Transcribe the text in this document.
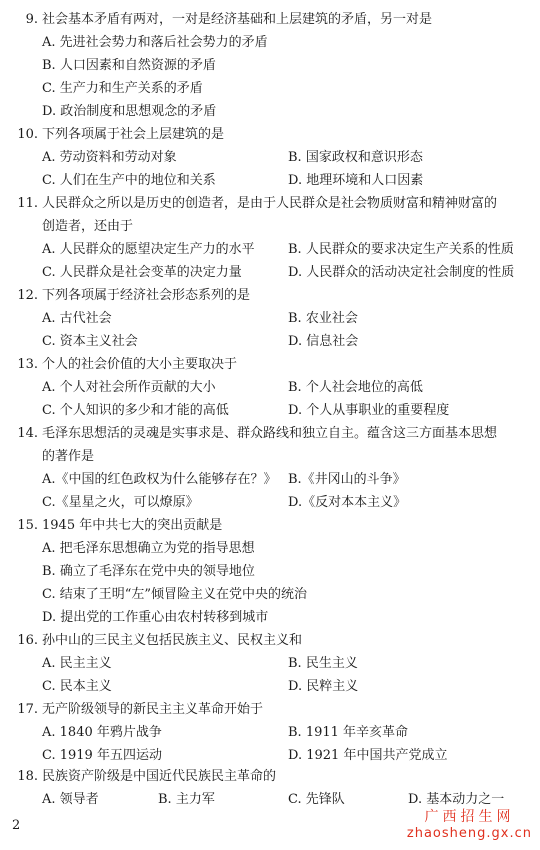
9. 社会基本矛盾有两对，一对是经济基础和上层建筑的矛盾，另一对是
A. 先进社会势力和落后社会势力的矛盾
B. 人口因素和自然资源的矛盾
C. 生产力和生产关系的矛盾
D. 政治制度和思想观念的矛盾
10. 下列各项属于社会上层建筑的是
A. 劳动资料和劳动对象	B. 国家政权和意识形态
C. 人们在生产中的地位和关系	D. 地理环境和人口因素
11. 人民群众之所以是历史的创造者，是由于人民群众是社会物质财富和精神财富的
创造者，还由于
A. 人民群众的愿望决定生产力的水平	B. 人民群众的要求决定生产关系的性质
C. 人民群众是社会变革的决定力量	D. 人民群众的活动决定社会制度的性质
12. 下列各项属于经济社会形态系列的是
A. 古代社会	B. 农业社会
C. 资本主义社会	D. 信息社会
13. 个人的社会价值的大小主要取决于
A. 个人对社会所作贡献的大小	B. 个人社会地位的高低
C. 个人知识的多少和才能的高低	D. 个人从事职业的重要程度
14. 毛泽东思想活的灵魂是实事求是、群众路线和独立自主。蕴含这三方面基本思想
的著作是
A.《中国的红色政权为什么能够存在？》 B.《井冈山的斗争》
C.《星星之火，可以燎原》	D.《反对本本主义》
15. 1945 年中共七大的突出贡献是
A. 把毛泽东思想确立为党的指导思想
B. 确立了毛泽东在党中央的领导地位
C. 结束了王明“左”倾冒险主义在党中央的统治
D. 提出党的工作重心由农村转移到城市
16. 孙中山的三民主义包括民族主义、民权主义和
A. 民主主义	B. 民生主义
C. 民本主义	D. 民粹主义
17. 无产阶级领导的新民主主义革命开始于
A. 1840 年鸦片战争	B. 1911 年辛亥革命
C. 1919 年五四运动	D. 1921 年中国共产党成立
18. 民族资产阶级是中国近代民族民主革命的
A. 领导者	B. 主力军	C. 先锋队	D. 基本动力之一
2
广西招生网
zhaosheng.gx.cn
